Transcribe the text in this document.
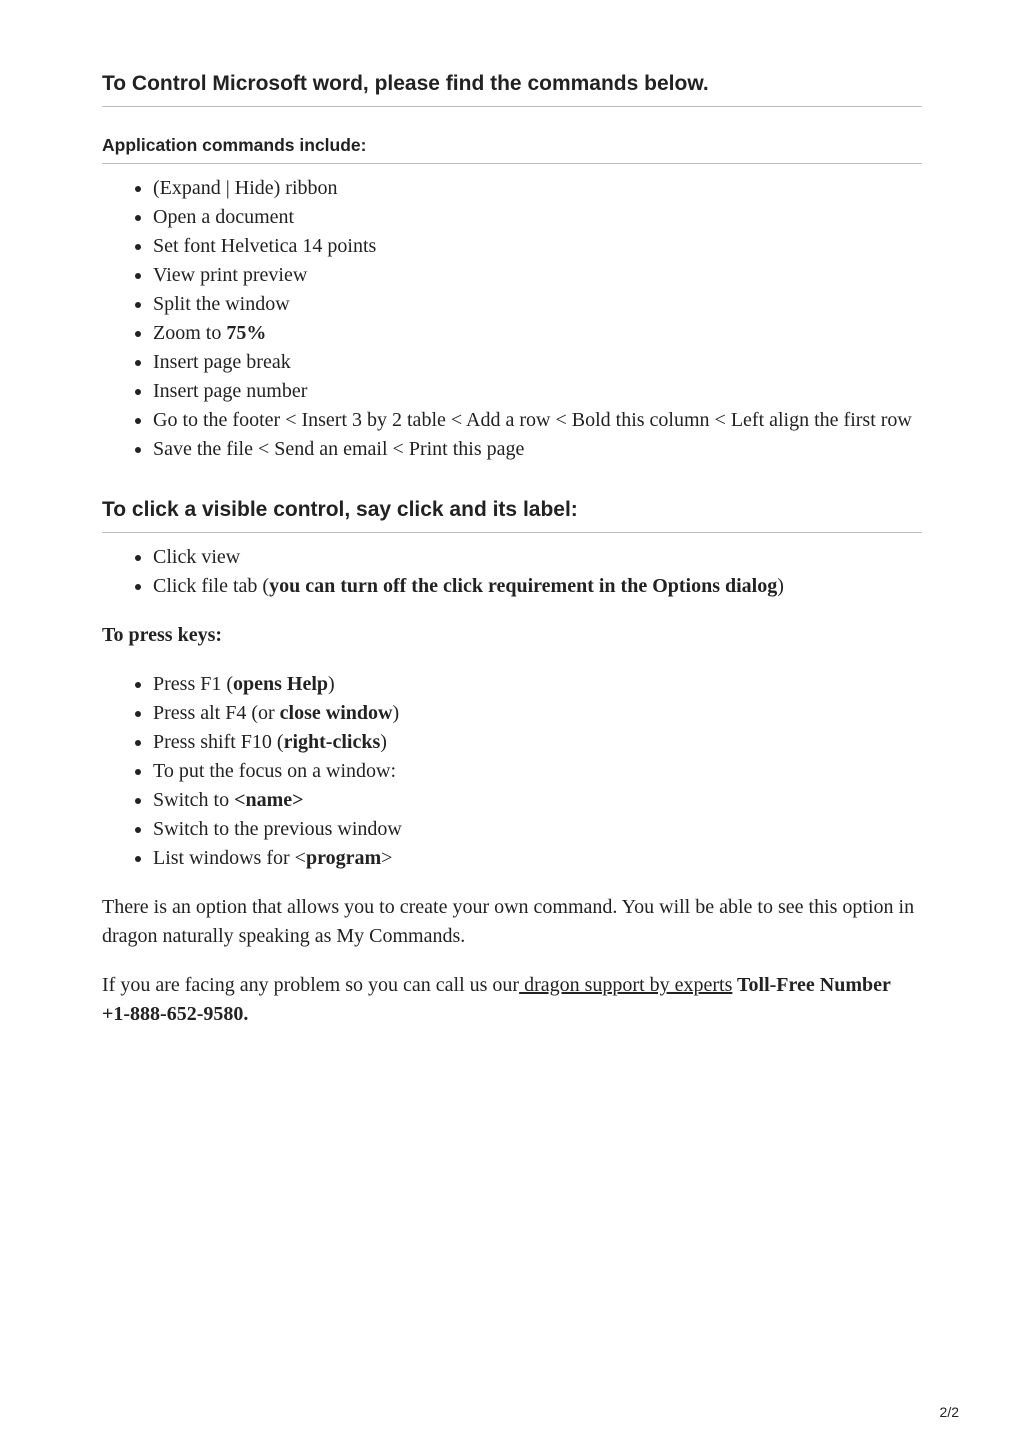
To Control Microsoft word, please find the commands below.
Application commands include:
• (Expand | Hide) ribbon
• Open a document
• Set font Helvetica 14 points
• View print preview
• Split the window
• Zoom to 75%
• Insert page break
• Insert page number
• Go to the footer < Insert 3 by 2 table < Add a row < Bold this column < Left align the first row
• Save the file < Send an email < Print this page
To click a visible control, say click and its label:
• Click view
• Click file tab (you can turn off the click requirement in the Options dialog)

To press keys:

• Press F1 (opens Help)
• Press alt F4 (or close window)
• Press shift F10 (right-clicks)
• To put the focus on a window:
• Switch to <name>
• Switch to the previous window
• List windows for <program>

There is an option that allows you to create your own command. You will be able to see this option in dragon naturally speaking as My Commands.

If you are facing any problem so you can call us our dragon support by experts Toll-Free Number +1-888-652-9580.

2/2
